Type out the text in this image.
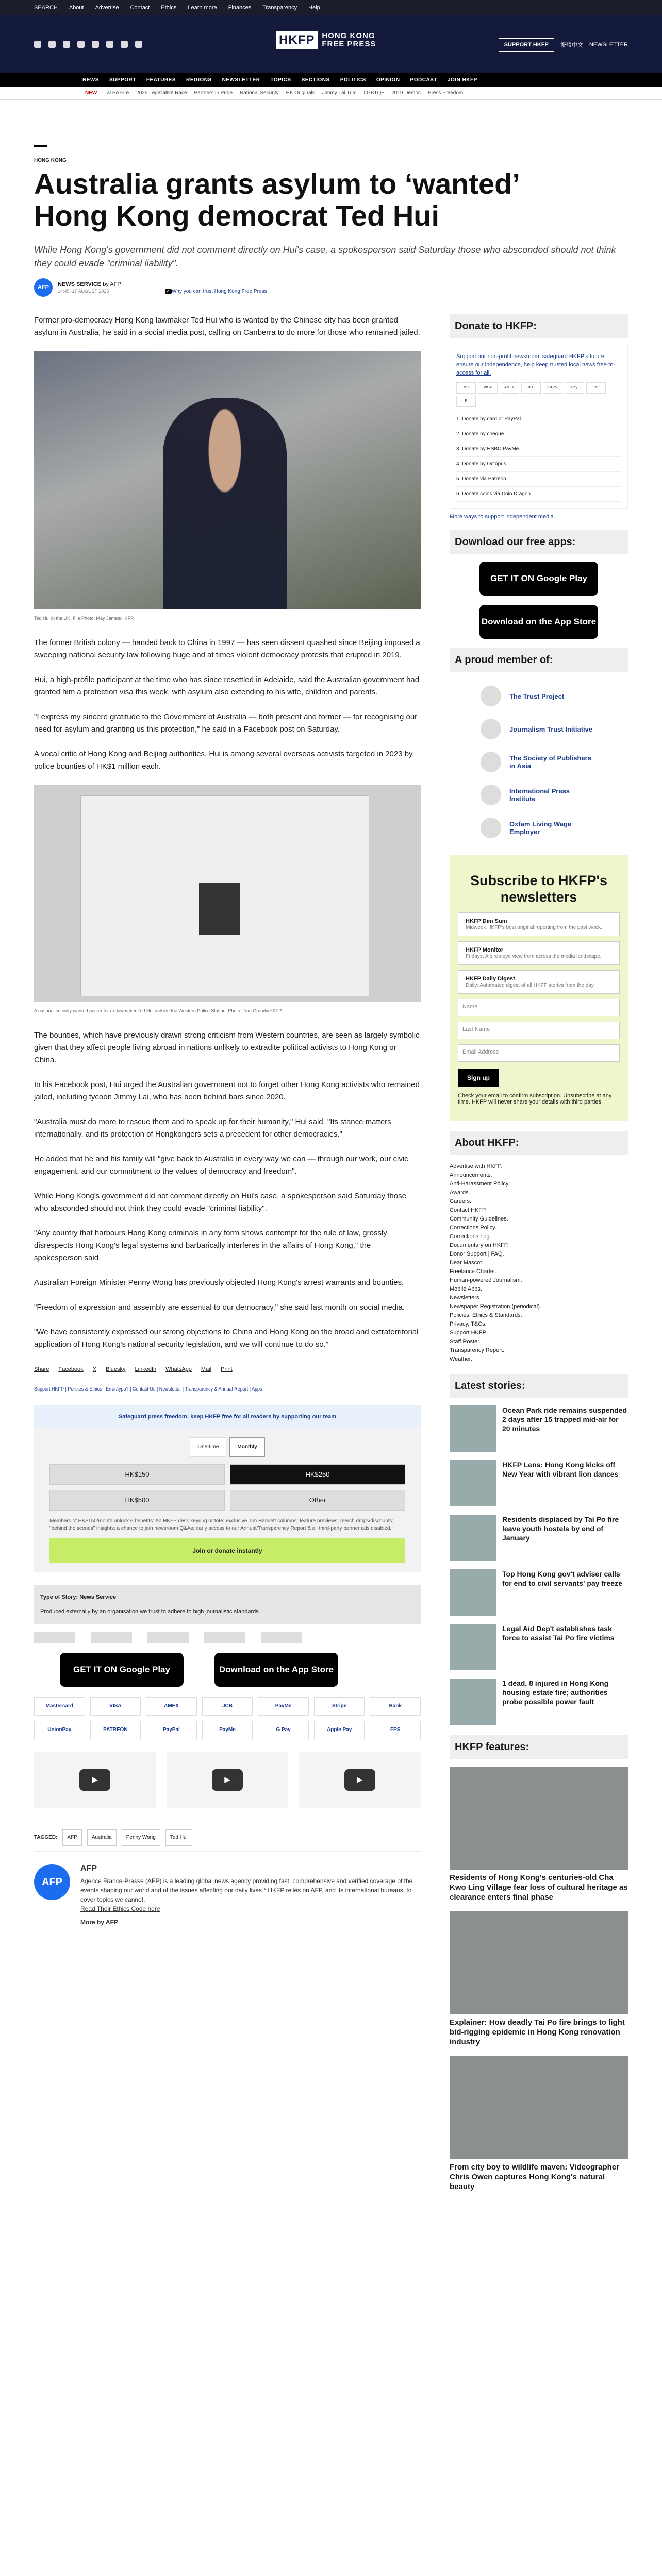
SEARCH About Advertise Contact Ethics Learn more Finances Transparency Help
HKFP HONG KONG
FREE PRESS	SUPPORT HKFP	繁體中文 NEWSLETTER
NEWS SUPPORT FEATURES REGIONS NEWSLETTER TOPICS SECTIONS POLITICS OPINION PODCAST JOIN HKFP
NEW Tai Po Fire 2025 Legislative Race Partners in Pride National Security HK Originals Jimmy Lai Trial LGBTQ+ 2019 Demos Press Freedom
HONG KONG
Australia grants asylum to ‘wanted’ Hong Kong democrat Ted Hui
While Hong Kong's government did not comment directly on Hui's case, a spokesperson said Saturday those who absconded should not think they could evade "criminal liability".
AFP	NEWS SERVICE by AFP
14:45, 17 AUGUST 2025
✔	Why you can trust Hong Kong Free Press

Former pro-democracy Hong Kong lawmaker Ted Hui who is wanted by the Chinese city has been granted asylum in Australia, he said in a social media post, calling on Canberra to do more for those who remained jailed.

Ted Hui in the UK. File Photo: May James/HKFP.

The former British colony — handed back to China in 1997 — has seen dissent quashed since Beijing imposed a sweeping national security law following huge and at times violent democracy protests that erupted in 2019.

Hui, a high-profile participant at the time who has since resettled in Adelaide, said the Australian government had granted him a protection visa this week, with asylum also extending to his wife, children and parents.

"I express my sincere gratitude to the Government of Australia — both present and former — for recognising our need for asylum and granting us this protection," he said in a Facebook post on Saturday.

A vocal critic of Hong Kong and Beijing authorities, Hui is among several overseas activists targeted in 2023 by police bounties of HK$1 million each.

A national security wanted poster for ex-lawmaker Ted Hui outside the Western Police Station. Photo: Tom Grundy/HKFP.

The bounties, which have previously drawn strong criticism from Western countries, are seen as largely symbolic given that they affect people living abroad in nations unlikely to extradite political activists to Hong Kong or China.

In his Facebook post, Hui urged the Australian government not to forget other Hong Kong activists who remained jailed, including tycoon Jimmy Lai, who has been behind bars since 2020.

"Australia must do more to rescue them and to speak up for their humanity," Hui said. "Its stance matters internationally, and its protection of Hongkongers sets a precedent for other democracies."

He added that he and his family will "give back to Australia in every way we can — through our work, our civic engagement, and our commitment to the values of democracy and freedom".

While Hong Kong's government did not comment directly on Hui's case, a spokesperson said Saturday those who absconded should not think they could evade "criminal liability".

"Any country that harbours Hong Kong criminals in any form shows contempt for the rule of law, grossly disrespects Hong Kong's legal systems and barbarically interferes in the affairs of Hong Kong," the spokesperson said.

Australian Foreign Minister Penny Wong has previously objected Hong Kong's arrest warrants and bounties.

"Freedom of expression and assembly are essential to our democracy," she said last month on social media.

"We have consistently expressed our strong objections to China and Hong Kong on the broad and extraterritorial application of Hong Kong's national security legislation, and we will continue to do so."

Share Facebook X Bluesky LinkedIn WhatsApp Mail Print
Support HKFP | Policies & Ethics | Error/typo? | Contact Us | Newsletter | Transparency & Annual Report | Apps
Safeguard press freedom; keep HKFP free for all readers by supporting our team
One-time	Monthly
HK$150	HK$250
HK$500	Other
Members of HK$150/month unlock 6 benefits: An HKFP desk keyring or tote; exclusive Tim Hamlett columns; feature previews; merch drops/discounts; "behind the scenes" insights; a chance to join newsroom Q&As; early access to our Annual/Transparency Report & all third-party banner ads disabled.
Join or donate instantly
Type of Story: News Service
Produced externally by an organisation we trust to adhere to high journalistic standards.
GET IT ON Google Play	Download on the App Store
Mastercard	VISA	AMEX	JCB	PayMe	Stripe	Bank
UnionPay	PATREON	PayPal	PayMe	G Pay	Apple Pay	FPS
▶	▶	▶
TAGGED:	AFP	Australia	Penny Wong	Ted Hui
AFP
AFP
Agence France-Presse (AFP) is a leading global news agency providing fast, comprehensive and verified coverage of the events shaping our world and of the issues affecting our daily lives.* HKFP relies on AFP, and its international bureaus, to cover topics we cannot.
Read Their Ethics Code here
More by AFP
Donate to HKFP:
Support our non-profit newsroom: safeguard HKFP's future, ensure our independence, help keep trusted local news free-to-access for all.
MC	VISA	AMEX	JCB	GPay	Pay	PP
P
1. Donate by card or PayPal.
2. Donate by cheque.
3. Donate by HSBC PayMe.
4. Donate by Octopus.
5. Donate via Patreon.
6. Donate coins via Coin Dragon.
More ways to support independent media.
Download our free apps:
GET IT ON Google Play
Download on the App Store
A proud member of:
The Trust Project
Journalism Trust Initiative
The Society of Publishers in Asia
International Press Institute
Oxfam Living Wage Employer
Subscribe to HKFP's newsletters
HKFP Dim Sum
Midweek HKFP's best original reporting from the past week.
HKFP Monitor
Fridays: A birds-eye view from across the media landscape.
HKFP Daily Digest
Daily: Automated digest of all HKFP stories from the day.
Name
Last Name
Email Address
Sign up

Check your email to confirm subscription. Unsubscribe at any time. HKFP will never share your details with third parties.

About HKFP:
Advertise with HKFP.
Announcements.
Anti-Harassment Policy.
Awards.
Careers.
Contact HKFP.
Community Guidelines.
Corrections Policy.
Corrections Log.
Documentary on HKFP.
Donor Support | FAQ.
Dear Mascot.
Freelance Charter.
Human-powered Journalism.
Mobile Apps.
Newsletters.
Newspaper Registration (periodical).
Policies, Ethics & Standards.
Privacy, T&Cs.
Support HKFP.
Staff Roster.
Transparency Report.
Weather.
Latest stories:
Ocean Park ride remains suspended 2 days after 15 trapped mid-air for 20 minutes
HKFP Lens: Hong Kong kicks off New Year with vibrant lion dances
Residents displaced by Tai Po fire leave youth hostels by end of January
Top Hong Kong gov't adviser calls for end to civil servants' pay freeze
Legal Aid Dep't establishes task force to assist Tai Po fire victims
1 dead, 8 injured in Hong Kong housing estate fire; authorities probe possible power fault
HKFP features:
Residents of Hong Kong's centuries-old Cha Kwo Ling Village fear loss of cultural heritage as clearance enters final phase
Explainer: How deadly Tai Po fire brings to light bid-rigging epidemic in Hong Kong renovation industry
From city boy to wildlife maven: Videographer Chris Owen captures Hong Kong's natural beauty
